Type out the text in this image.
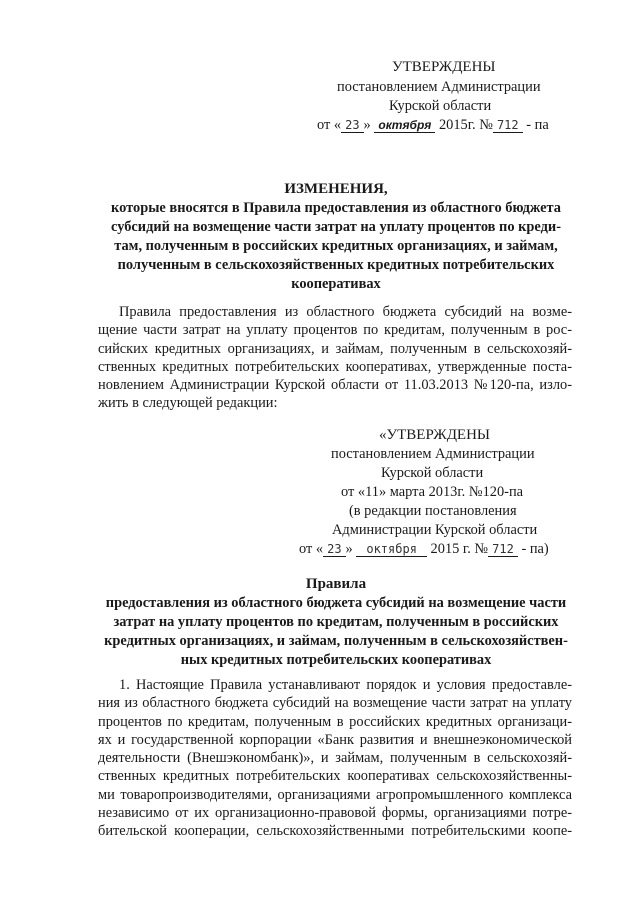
УТВЕРЖДЕНЫ
постановлением Администрации
Курской области
от « 23 » октября 2015г. № 712 - па
ИЗМЕНЕНИЯ,
которые вносятся в Правила предоставления из областного бюджета
субсидий на возмещение части затрат на уплату процентов по креди-
там, полученным в российских кредитных организациях, и займам,
полученным в сельскохозяйственных кредитных потребительских
кооперативах
Правила предоставления из областного бюджета субсидий на возме-
щение части затрат на уплату процентов по кредитам, полученным в рос-
сийских кредитных организациях, и займам, полученным в сельскохозяй-
ственных кредитных потребительских кооперативах, утвержденные поста-
новлением Администрации Курской области от 11.03.2013 №120-па, изло-
жить в следующей редакции:
«УТВЕРЖДЕНЫ
постановлением Администрации
Курской области
от «11» марта 2013г. №120-па
(в редакции постановления
Администрации Курской области
от « 23 » октября 2015 г. № 712 - па)
Правила
предоставления из областного бюджета субсидий на возмещение части
затрат на уплату процентов по кредитам, полученным в российских
кредитных организациях, и займам, полученным в сельскохозяйствен-
ных кредитных потребительских кооперативах
1. Настоящие Правила устанавливают порядок и условия предоставле-
ния из областного бюджета субсидий на возмещение части затрат на уплату
процентов по кредитам, полученным в российских кредитных организаци-
ях и государственной корпорации «Банк развития и внешнеэкономической
деятельности (Внешэкономбанк)», и займам, полученным в сельскохозяй-
ственных кредитных потребительских кооперативах сельскохозяйственны-
ми товаропроизводителями, организациями агропромышленного комплекса
независимо от их организационно-правовой формы, организациями потре-
бительской кооперации, сельскохозяйственными потребительскими коопе-
